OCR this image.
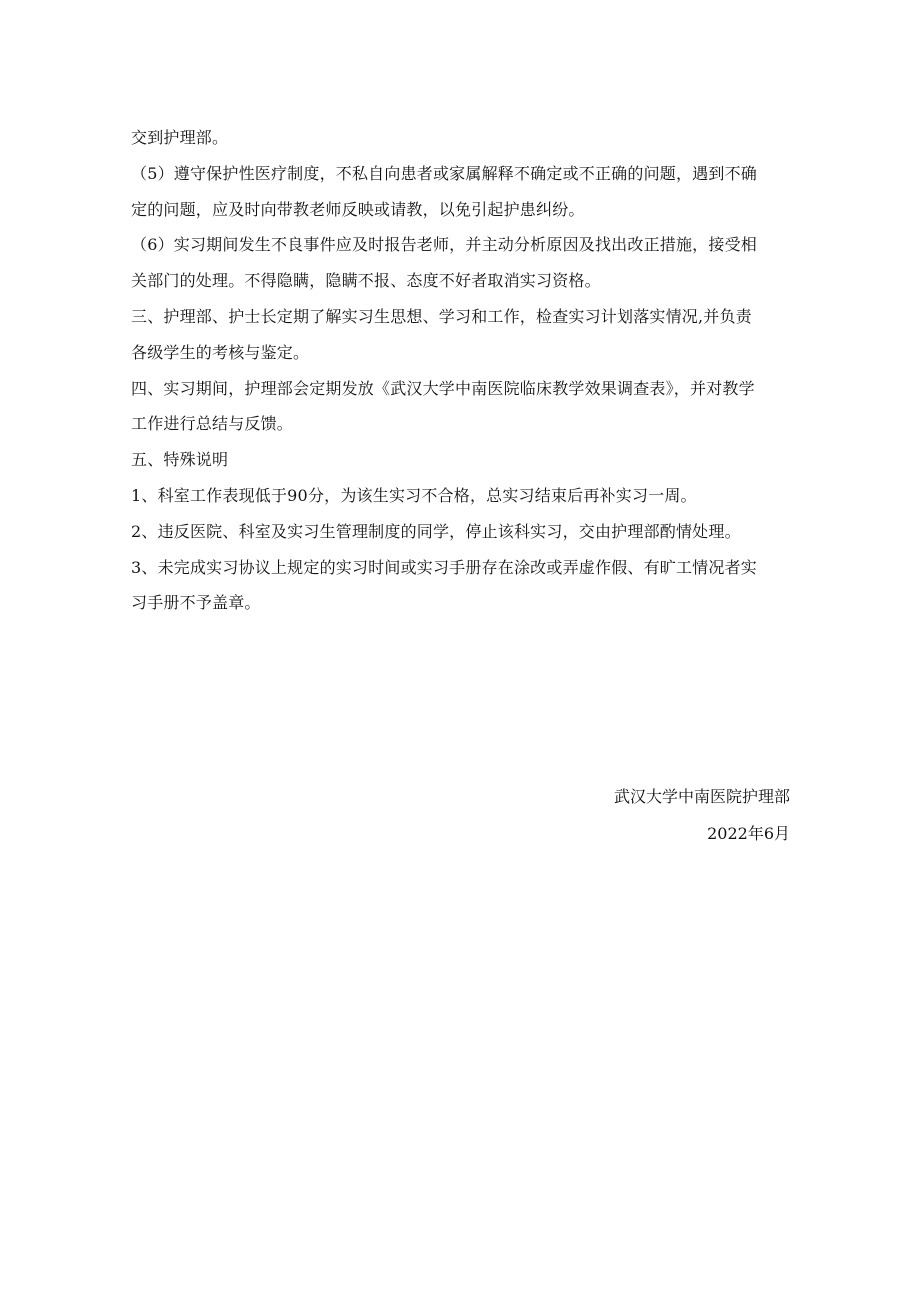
交到护理部。
（5）遵守保护性医疗制度，不私自向患者或家属解释不确定或不正确的问题，遇到不确
定的问题，应及时向带教老师反映或请教，以免引起护患纠纷。
（6）实习期间发生不良事件应及时报告老师，并主动分析原因及找出改正措施，接受相
关部门的处理。不得隐瞒，隐瞒不报、态度不好者取消实习资格。
三、护理部、护士长定期了解实习生思想、学习和工作，检查实习计划落实情况,并负责
各级学生的考核与鉴定。
四、实习期间，护理部会定期发放《武汉大学中南医院临床教学效果调查表》，并对教学
工作进行总结与反馈。
五、特殊说明
1、科室工作表现低于90分，为该生实习不合格，总实习结束后再补实习一周。
2、违反医院、科室及实习生管理制度的同学，停止该科实习，交由护理部酌情处理。
3、未完成实习协议上规定的实习时间或实习手册存在涂改或弄虚作假、有旷工情况者实
习手册不予盖章。
武汉大学中南医院护理部
2022年6月
